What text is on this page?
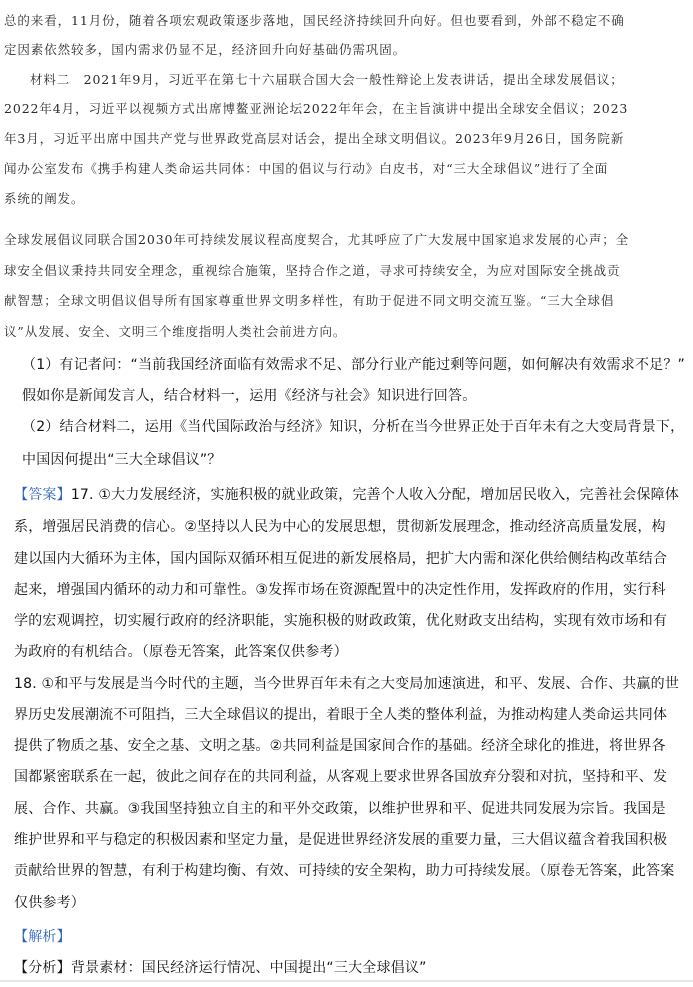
总的来看，11月份，随着各项宏观政策逐步落地，国民经济持续回升向好。但也要看到，外部不稳定不确
定因素依然较多，国内需求仍显不足，经济回升向好基础仍需巩固。
材料二　2021年9月，习近平在第七十六届联合国大会一般性辩论上发表讲话，提出全球发展倡议；
2022年4月，习近平以视频方式出席博鳌亚洲论坛2022年年会，在主旨演讲中提出全球安全倡议；2023
年3月，习近平出席中国共产党与世界政党高层对话会，提出全球文明倡议。2023年9月26日，国务院新
闻办公室发布《携手构建人类命运共同体：中国的倡议与行动》白皮书，对“三大全球倡议”进行了全面
系统的阐发。
全球发展倡议同联合国2030年可持续发展议程高度契合，尤其呼应了广大发展中国家追求发展的心声；全
球安全倡议秉持共同安全理念，重视综合施策，坚持合作之道，寻求可持续安全，为应对国际安全挑战贡
献智慧；全球文明倡议倡导所有国家尊重世界文明多样性，有助于促进不同文明交流互鉴。“三大全球倡
议”从发展、安全、文明三个维度指明人类社会前进方向。
（1）有记者问：“当前我国经济面临有效需求不足、部分行业产能过剩等问题，如何解决有效需求不足？”
假如你是新闻发言人，结合材料一，运用《经济与社会》知识进行回答。
（2）结合材料二，运用《当代国际政治与经济》知识，分析在当今世界正处于百年未有之大变局背景下，
中国因何提出“三大全球倡议”？
【答案】17. ①大力发展经济，实施积极的就业政策，完善个人收入分配，增加居民收入，完善社会保障体
系，增强居民消费的信心。②坚持以人民为中心的发展思想，贯彻新发展理念，推动经济高质量发展，构
建以国内大循环为主体，国内国际双循环相互促进的新发展格局，把扩大内需和深化供给侧结构改革结合
起来，增强国内循环的动力和可靠性。③发挥市场在资源配置中的决定性作用，发挥政府的作用，实行科
学的宏观调控，切实履行政府的经济职能，实施积极的财政政策，优化财政支出结构，实现有效市场和有
为政府的有机结合。（原卷无答案，此答案仅供参考）
18. ①和平与发展是当今时代的主题，当今世界百年未有之大变局加速演进，和平、发展、合作、共赢的世
界历史发展潮流不可阻挡，三大全球倡议的提出，着眼于全人类的整体利益，为推动构建人类命运共同体
提供了物质之基、安全之基、文明之基。②共同利益是国家间合作的基础。经济全球化的推进，将世界各
国都紧密联系在一起，彼此之间存在的共同利益，从客观上要求世界各国放弃分裂和对抗，坚持和平、发
展、合作、共赢。③我国坚持独立自主的和平外交政策，以维护世界和平、促进共同发展为宗旨。我国是
维护世界和平与稳定的积极因素和坚定力量，是促进世界经济发展的重要力量，三大倡议蕴含着我国积极
贡献给世界的智慧，有利于构建均衡、有效、可持续的安全架构，助力可持续发展。（原卷无答案，此答案
仅供参考）
【解析】
【分析】背景素材：国民经济运行情况、中国提出“三大全球倡议”
